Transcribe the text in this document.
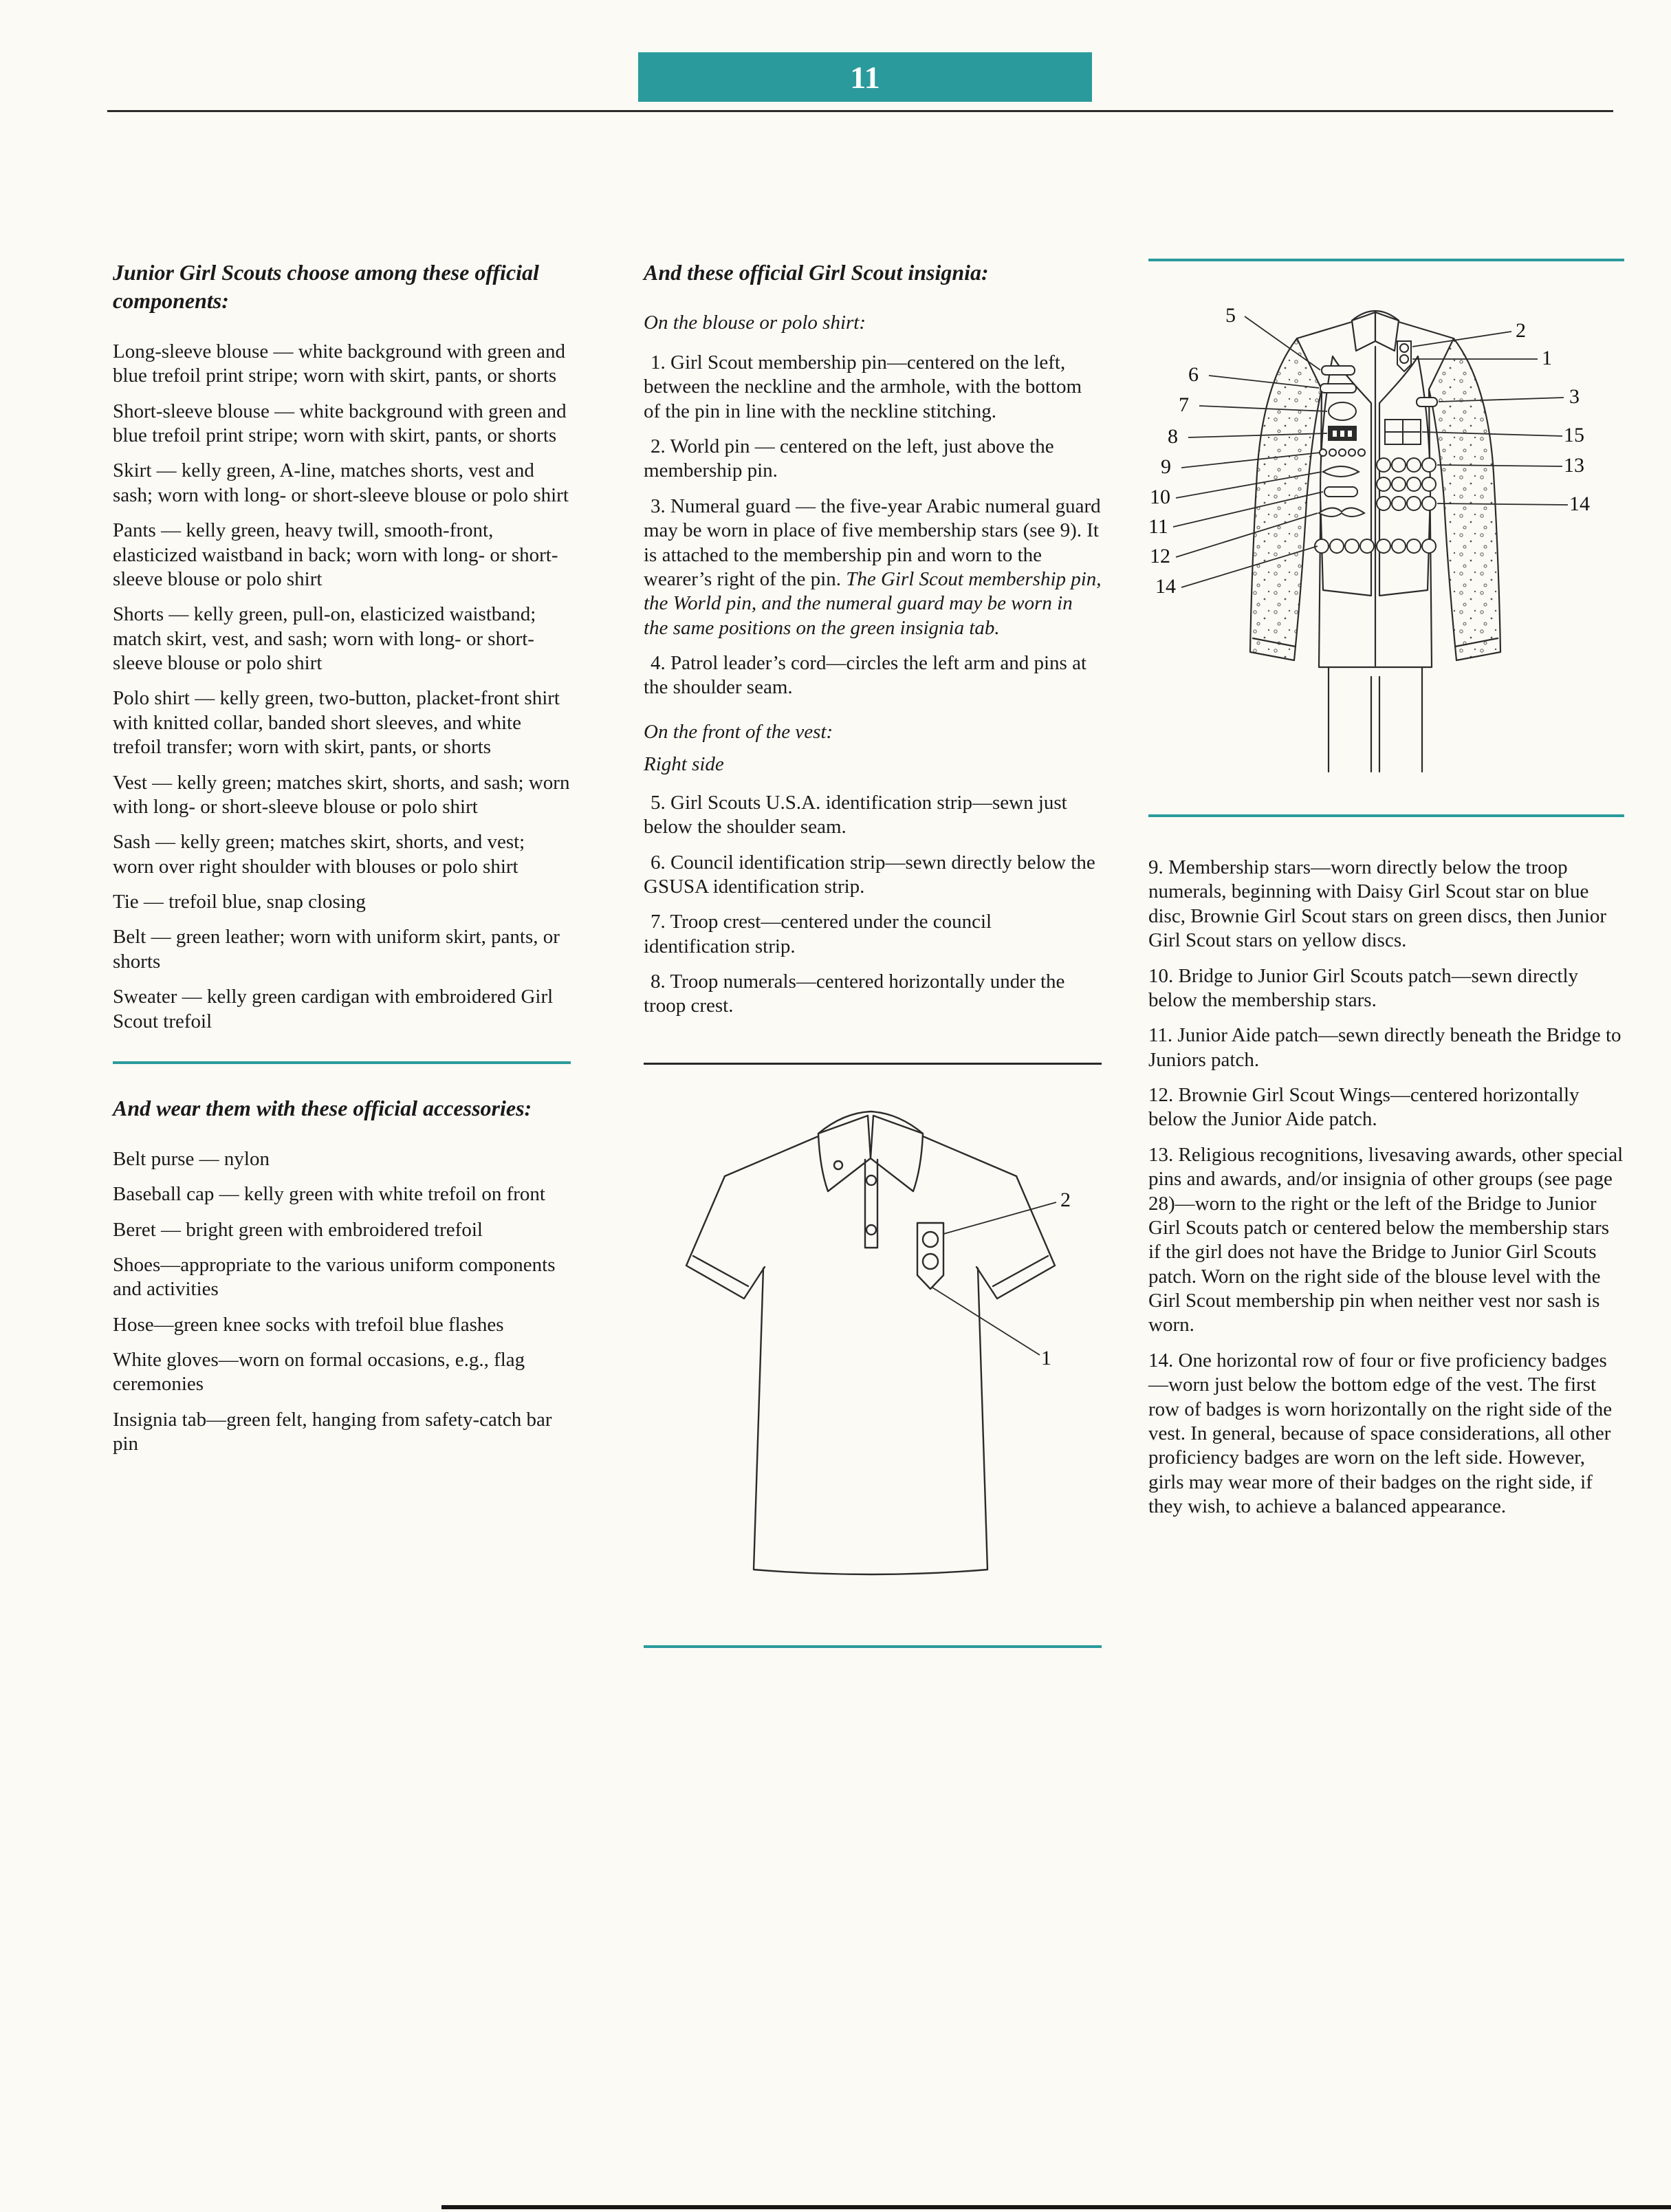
11
Junior Girl Scouts choose among these official components:

Long-sleeve blouse — white background with green and blue trefoil print stripe; worn with skirt, pants, or shorts

Short-sleeve blouse — white background with green and blue trefoil print stripe; worn with skirt, pants, or shorts

Skirt — kelly green, A-line, matches shorts, vest and sash; worn with long- or short-sleeve blouse or polo shirt

Pants — kelly green, heavy twill, smooth-front, elasticized waistband in back; worn with long- or short-sleeve blouse or polo shirt

Shorts — kelly green, pull-on, elasticized waistband; match skirt, vest, and sash; worn with long- or short-sleeve blouse or polo shirt

Polo shirt — kelly green, two-button, placket-front shirt with knitted collar, banded short sleeves, and white trefoil transfer; worn with skirt, pants, or shorts

Vest — kelly green; matches skirt, shorts, and sash; worn with long- or short-sleeve blouse or polo shirt

Sash — kelly green; matches skirt, shorts, and vest; worn over right shoulder with blouses or polo shirt

Tie — trefoil blue, snap closing

Belt — green leather; worn with uniform skirt, pants, or shorts

Sweater — kelly green cardigan with embroidered Girl Scout trefoil

And wear them with these official accessories:

Belt purse — nylon

Baseball cap — kelly green with white trefoil on front

Beret — bright green with embroidered trefoil

Shoes—appropriate to the various uniform components and activities

Hose—green knee socks with trefoil blue flashes

White gloves—worn on formal occasions, e.g., flag ceremonies

Insignia tab—green felt, hanging from safety-catch bar pin

And these official Girl Scout insignia:

On the blouse or polo shirt:

1. Girl Scout membership pin—centered on the left, between the neckline and the armhole, with the bottom of the pin in line with the neckline stitching.

2. World pin — centered on the left, just above the membership pin.

3. Numeral guard — the five-year Arabic numeral guard may be worn in place of five membership stars (see 9). It is attached to the membership pin and worn to the wearer’s right of the pin. The Girl Scout membership pin, the World pin, and the numeral guard may be worn in the same positions on the green insignia tab.

4. Patrol leader’s cord—circles the left arm and pins at the shoulder seam.

On the front of the vest:

Right side

5. Girl Scouts U.S.A. identification strip—sewn just below the shoulder seam.

6. Council identification strip—sewn directly below the GSUSA identification strip.

7. Troop crest—centered under the council identification strip.

8. Troop numerals—centered horizontally under the troop crest.

2
1
5
6
7
8
9
10
11
12
14
2
1
3
15
13
14

9. Membership stars—worn directly below the troop numerals, beginning with Daisy Girl Scout star on blue disc, Brownie Girl Scout stars on green discs, then Junior Girl Scout stars on yellow discs.

10. Bridge to Junior Girl Scouts patch—sewn directly below the membership stars.

11. Junior Aide patch—sewn directly beneath the Bridge to Juniors patch.

12. Brownie Girl Scout Wings—centered horizontally below the Junior Aide patch.

13. Religious recognitions, livesaving awards, other special pins and awards, and/or insignia of other groups (see page 28)—worn to the right or the left of the Bridge to Junior Girl Scouts patch or centered below the membership stars if the girl does not have the Bridge to Junior Girl Scouts patch. Worn on the right side of the blouse level with the Girl Scout membership pin when neither vest nor sash is worn.

14. One horizontal row of four or five proficiency badges—worn just below the bottom edge of the vest. The first row of badges is worn horizontally on the right side of the vest. In general, because of space considerations, all other proficiency badges are worn on the left side. However, girls may wear more of their badges on the right side, if they wish, to achieve a balanced appearance.
